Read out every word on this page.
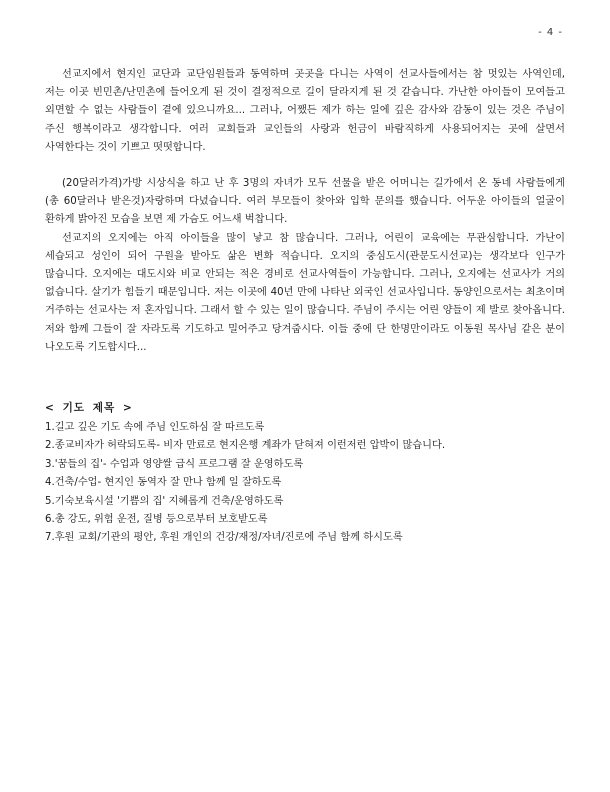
- 4 -

선교지에서 현지인 교단과 교단임원들과 동역하며 곳곳을 다니는 사역이 선교사들에서는 참 멋있는 사역인데, 저는 이곳 빈민촌/난민촌에 들어오게 된 것이 결정적으로 길이 달라지게 된 것 같습니다. 가난한 아이들이 모여들고 외면할 수 없는 사람들이 곁에 있으니까요... 그러나, 어쨌든 제가 하는 일에 깊은 감사와 감동이 있는 것은 주님이 주신 행복이라고 생각합니다. 여러 교회들과 교인들의 사랑과 헌금이 바람직하게 사용되어지는 곳에 살면서 사역한다는 것이 기쁘고 떳떳합니다.

(20달러가격)가방 시상식을 하고 난 후 3명의 자녀가 모두 선물을 받은 어머니는 길가에서 온 동네 사람들에게 (총 60달러나 받은것)자랑하며 다녔습니다. 여러 부모들이 찾아와 입학 문의를 했습니다. 어두운 아이들의 얼굴이 환하게 밝아진 모습을 보면 제 가슴도 어느새 벅찹니다.

선교지의 오지에는 아직 아이들을 많이 낳고 참 많습니다. 그러나, 어린이 교육에는 무관심합니다. 가난이 세습되고 성인이 되어 구원을 받아도 삶은 변화 적습니다. 오지의 중심도시(관문도시선교)는 생각보다 인구가 많습니다. 오지에는 대도시와 비교 안되는 적은 경비로 선교사역들이 가능합니다. 그러나, 오지에는 선교사가 거의 없습니다. 살기가 힘들기 때문입니다. 저는 이곳에 40년 만에 나타난 외국인 선교사입니다. 동양인으로서는 최초이며 거주하는 선교사는 저 혼자입니다. 그래서 할 수 있는 일이 많습니다. 주님이 주시는 어린 양들이 제 발로 찾아옵니다. 저와 함께 그들이 잘 자라도록 기도하고 밀어주고 당겨줍시다. 이들 중에 단 한명만이라도 이동원 목사님 같은 분이 나오도록 기도합시다...

< 기도 제목 >
1.길고 깊은 기도 속에 주님 인도하심 잘 따르도록
2.종교비자가 허락되도록- 비자 만료로 현지은행 계좌가 닫혀져 이런저런 압박이 많습니다.
3.'꿈들의 집'- 수업과 영양쌀 급식 프로그램 잘 운영하도록
4.건축/수업- 현지인 동역자 잘 만나 함께 일 잘하도록
5.기숙보육시설 '기쁨의 집' 지혜롭게 건축/운영하도록
6.총 강도, 위험 운전, 질병 등으로부터 보호받도록
7.후원 교회/기관의 평안, 후원 개인의 건강/재정/자녀/진로에 주님 함께 하시도록
